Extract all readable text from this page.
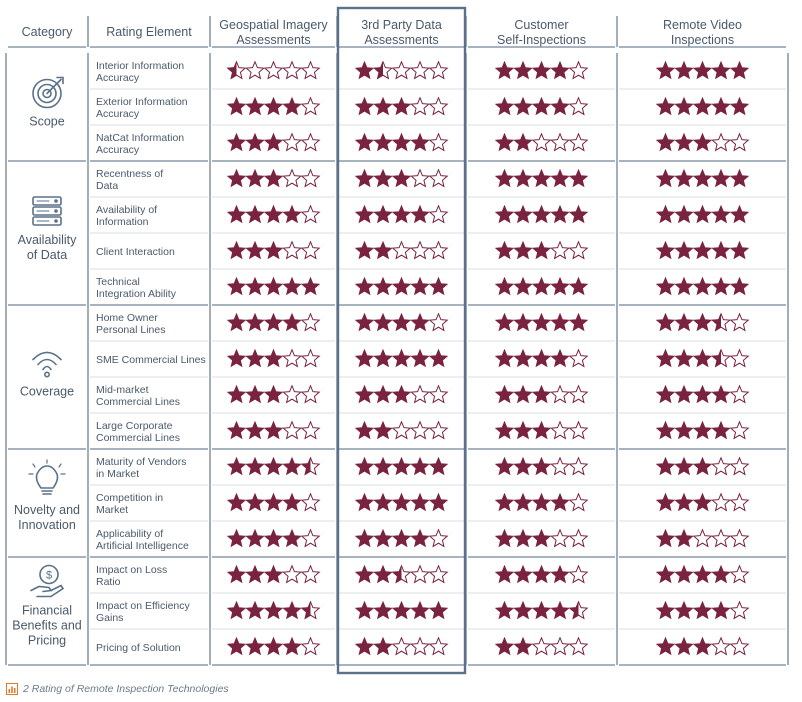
Category	Rating Element Geospatial Imagery
Assessments
3rd Party Data
Assessments
Customer
Self-Inspections
Remote Video
Inspections
Scope
Interior Information
Accuracy
Exterior Information
Accuracy
NatCat Information
Accuracy
Availability
of Data
Recentness of
Data
Availability of
Information
Client Interaction
Technical
Integration Ability
Coverage
Home Owner
Personal Lines
SME Commercial Lines
Mid-market
Commercial Lines
Large Corporate
Commercial Lines
Novelty and
Innovation
Maturity of Vendors
in Market
Competition in
Market
Applicability of
Artificial Intelligence
$
Financial
Benefits and
Pricing
Impact on Loss
Ratio
Impact on Efficiency
Gains
Pricing of Solution
2 Rating of Remote Inspection Technologies
